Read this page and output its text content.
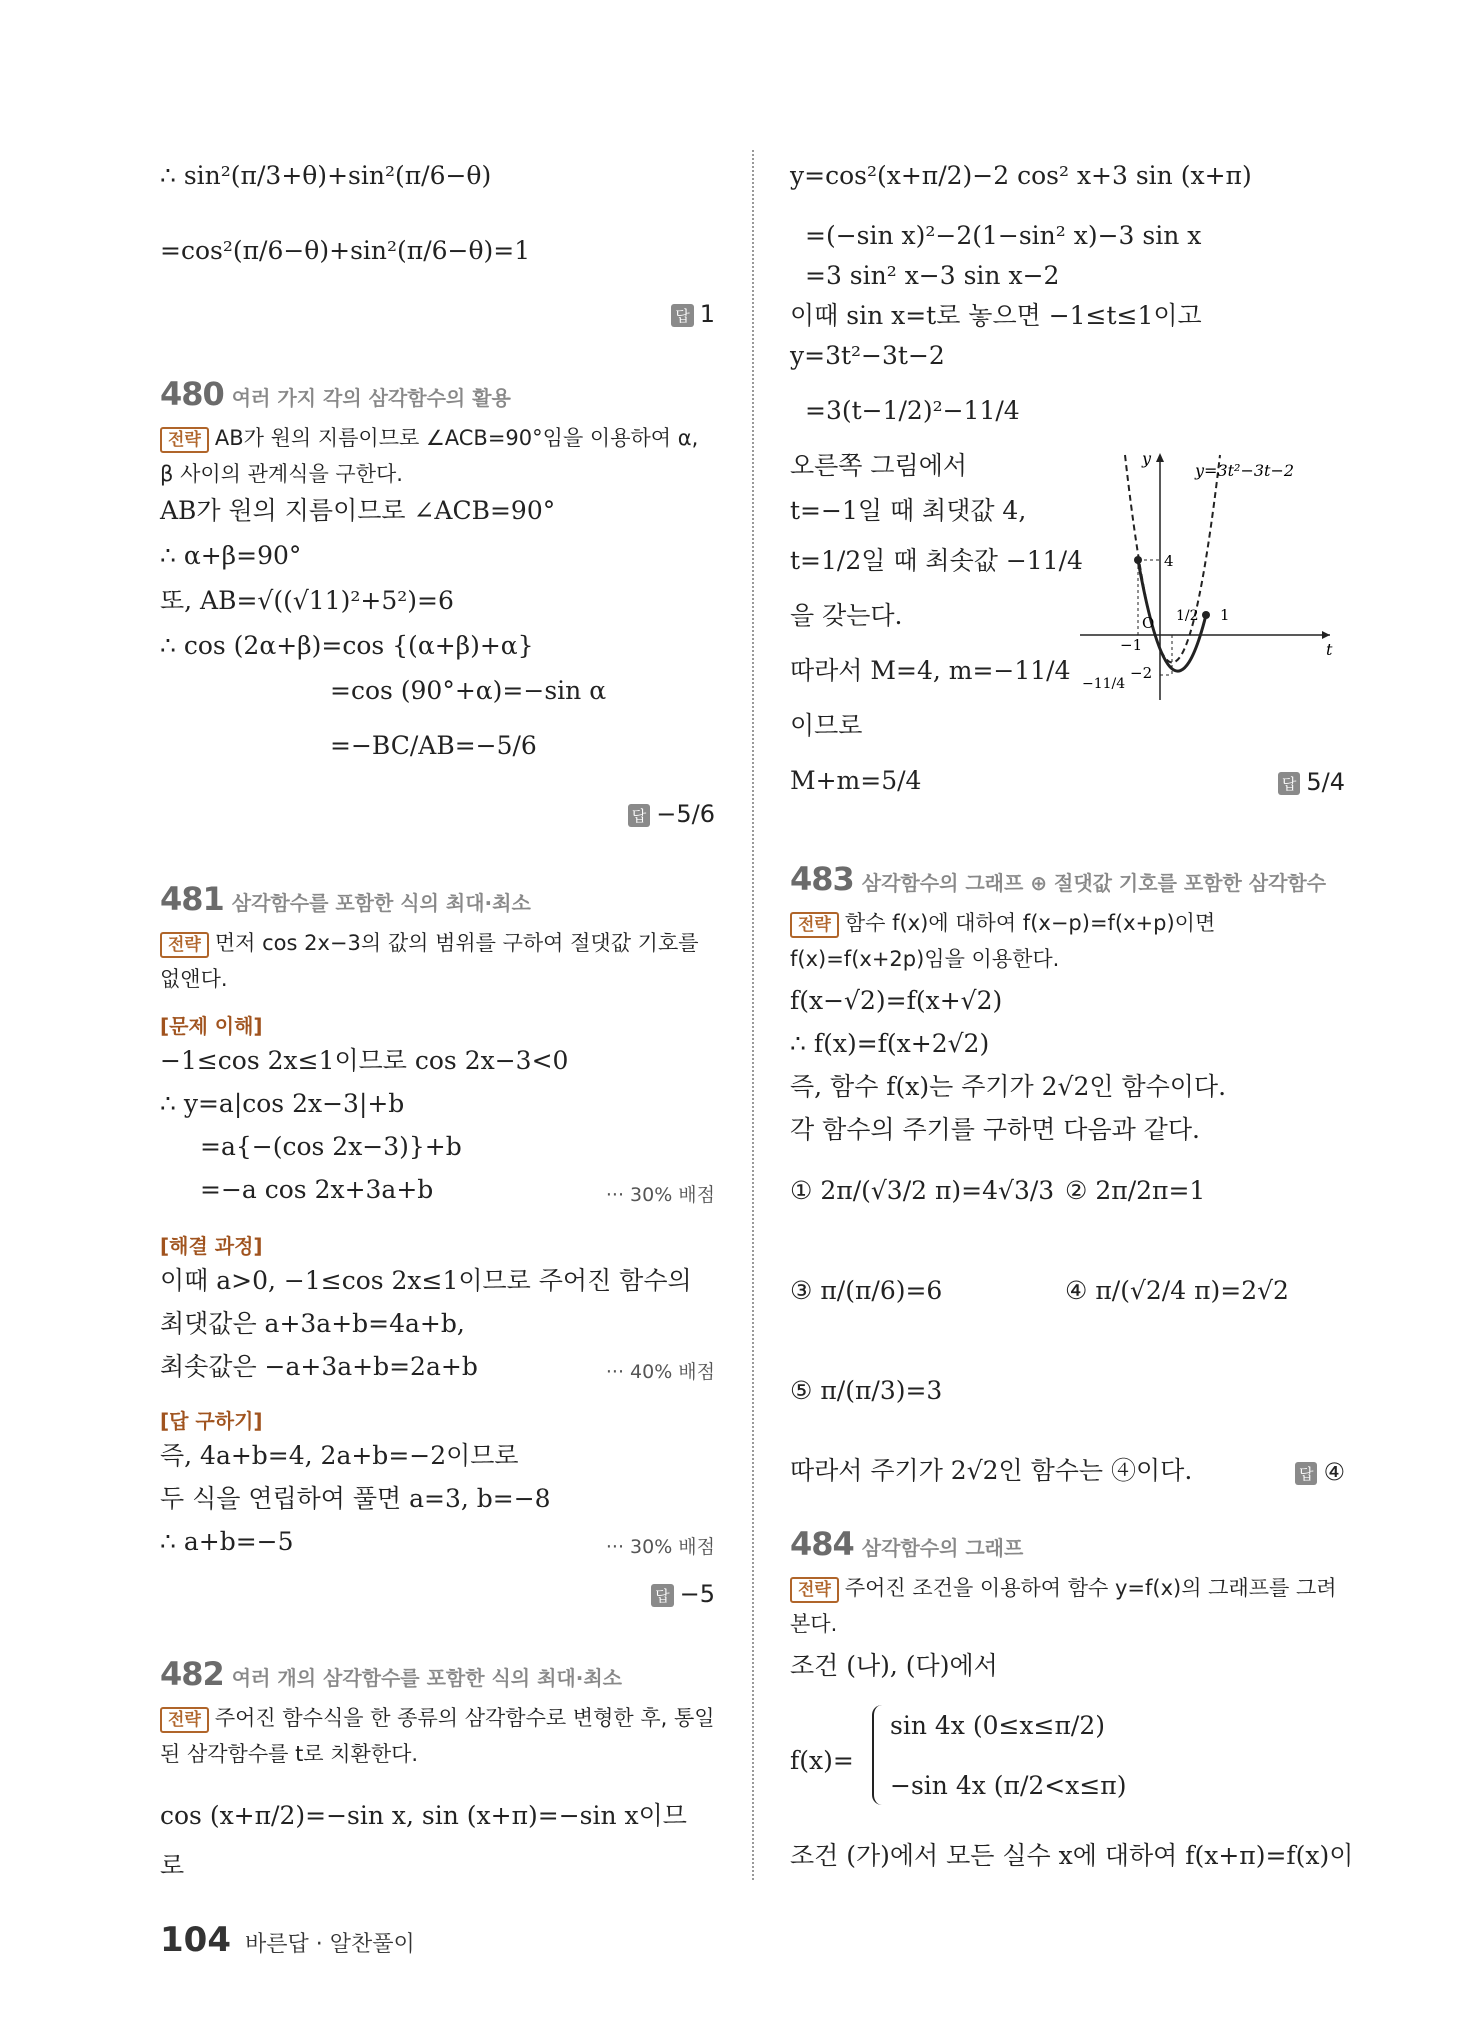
∴ sin²(π/3+θ)+sin²(π/6−θ)
=cos²(π/6−θ)+sin²(π/6−θ)=1
답 1
480 여러 가지 각의 삼각함수의 활용
전략 AB가 원의 지름이므로 ∠ACB=90°임을 이용하여 α, β 사이의 관계식을 구한다.
AB가 원의 지름이므로 ∠ACB=90°
∴ α+β=90°
또, AB=√((√11)²+5²)=6
∴ cos (2α+β)=cos {(α+β)+α}
=cos (90°+α)=−sin α
=−BC/AB=−5/6
답 −5/6
481 삼각함수를 포함한 식의 최대·최소
전략 먼저 cos 2x−3의 값의 범위를 구하여 절댓값 기호를 없앤다.
[문제 이해]
−1≤cos 2x≤1이므로 cos 2x−3<0
∴ y=a|cos 2x−3|+b
=a{−(cos 2x−3)}+b
=−a cos 2x+3a+b	··· 30% 배점
[해결 과정]
이때 a>0, −1≤cos 2x≤1이므로 주어진 함수의
최댓값은 a+3a+b=4a+b,
최솟값은 −a+3a+b=2a+b	··· 40% 배점
[답 구하기]
즉, 4a+b=4, 2a+b=−2이므로
두 식을 연립하여 풀면 a=3, b=−8
∴ a+b=−5	··· 30% 배점
답 −5
482 여러 개의 삼각함수를 포함한 식의 최대·최소
전략 주어진 함수식을 한 종류의 삼각함수로 변형한 후, 통일된 삼각함수를 t로 치환한다.
cos (x+π/2)=−sin x, sin (x+π)=−sin x이므
로
y=cos²(x+π/2)−2 cos² x+3 sin (x+π)
=(−sin x)²−2(1−sin² x)−3 sin x
=3 sin² x−3 sin x−2
이때 sin x=t로 놓으면 −1≤t≤1이고
y=3t²−3t−2
=3(t−1/2)²−11/4
오른쪽 그림에서
t=−1일 때 최댓값 4,
t=1/2일 때 최솟값 −11/4
을 갖는다.
따라서 M=4, m=−11/4
이므로
M+m=5/4	답 5/4
y
y=3t²−3t−2
t
4
O
−1
1/2 1
−2
−11/4
483 삼각함수의 그래프 ⊕ 절댓값 기호를 포함한 삼각함수
전략 함수 f(x)에 대하여 f(x−p)=f(x+p)이면 f(x)=f(x+2p)임을 이용한다.
f(x−√2)=f(x+√2)
∴ f(x)=f(x+2√2)
즉, 함수 f(x)는 주기가 2√2인 함수이다.
각 함수의 주기를 구하면 다음과 같다.
① 2π/(√3/2 π)=4√3/3 ② 2π/2π=1
③ π/(π/6)=6	④ π/(√2/4 π)=2√2
⑤ π/(π/3)=3
따라서 주기가 2√2인 함수는 ④이다.	답 ④
484 삼각함수의 그래프
전략 주어진 조건을 이용하여 함수 y=f(x)의 그래프를 그려 본다.
조건 (나), (다)에서
f(x)=
sin 4x (0≤x≤π/2)
−sin 4x (π/2<x≤π)
조건 (가)에서 모든 실수 x에 대하여 f(x+π)=f(x)이
104 바른답 · 알찬풀이
